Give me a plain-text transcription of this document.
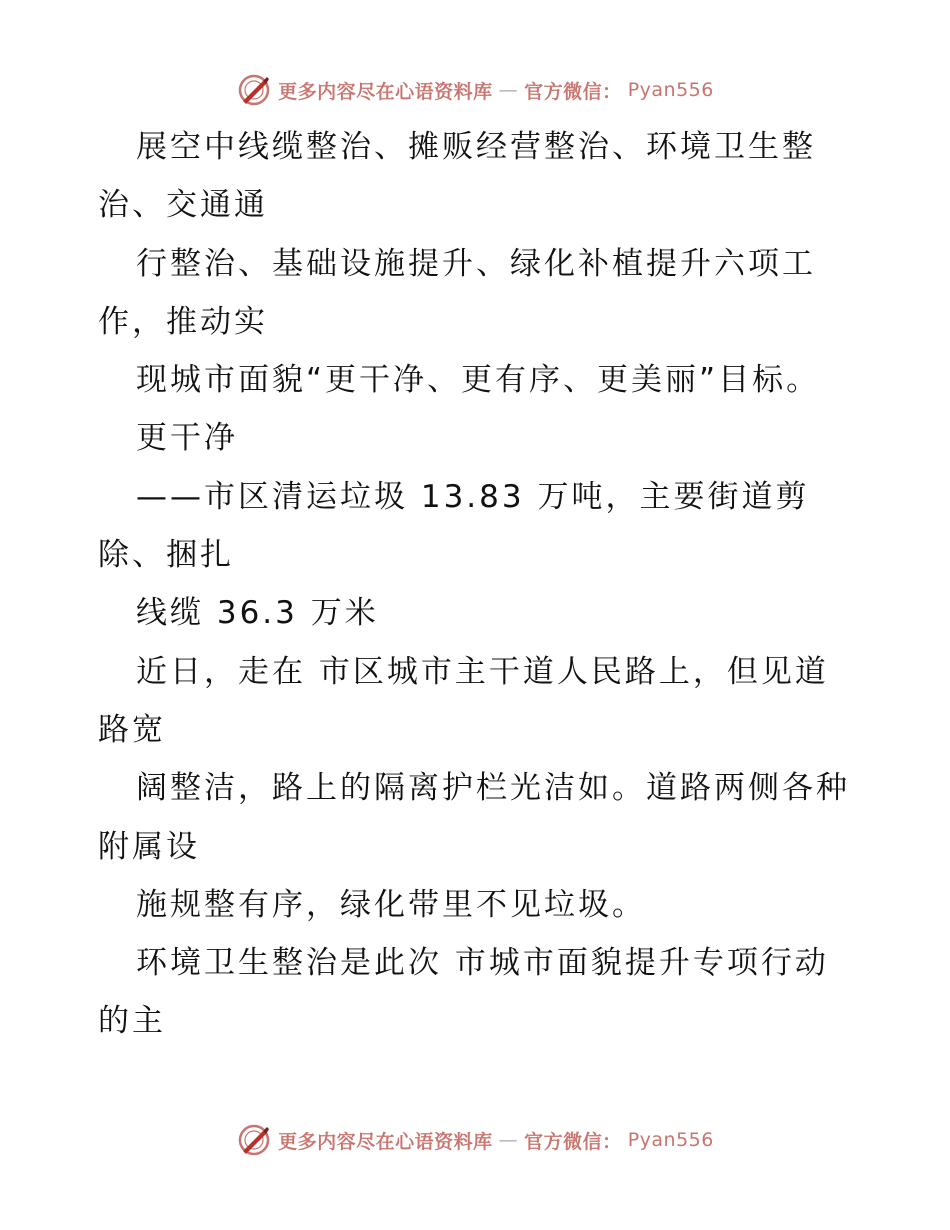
更多内容尽在心语资料库 — 官方微信： Pyan556
展空中线缆整治、摊贩经营整治、环境卫生整
治、交通通
行整治、基础设施提升、绿化补植提升六项工
作，推动实
现城市面貌“更干净、更有序、更美丽”目标。
更干净
——市区清运垃圾 13.83 万吨，主要街道剪
除、捆扎
线缆 36.3 万米
近日，走在 市区城市主干道人民路上，但见道
路宽
阔整洁，路上的隔离护栏光洁如。道路两侧各种
附属设
施规整有序，绿化带里不见垃圾。
环境卫生整治是此次 市城市面貌提升专项行动
的主
更多内容尽在心语资料库 — 官方微信： Pyan556
